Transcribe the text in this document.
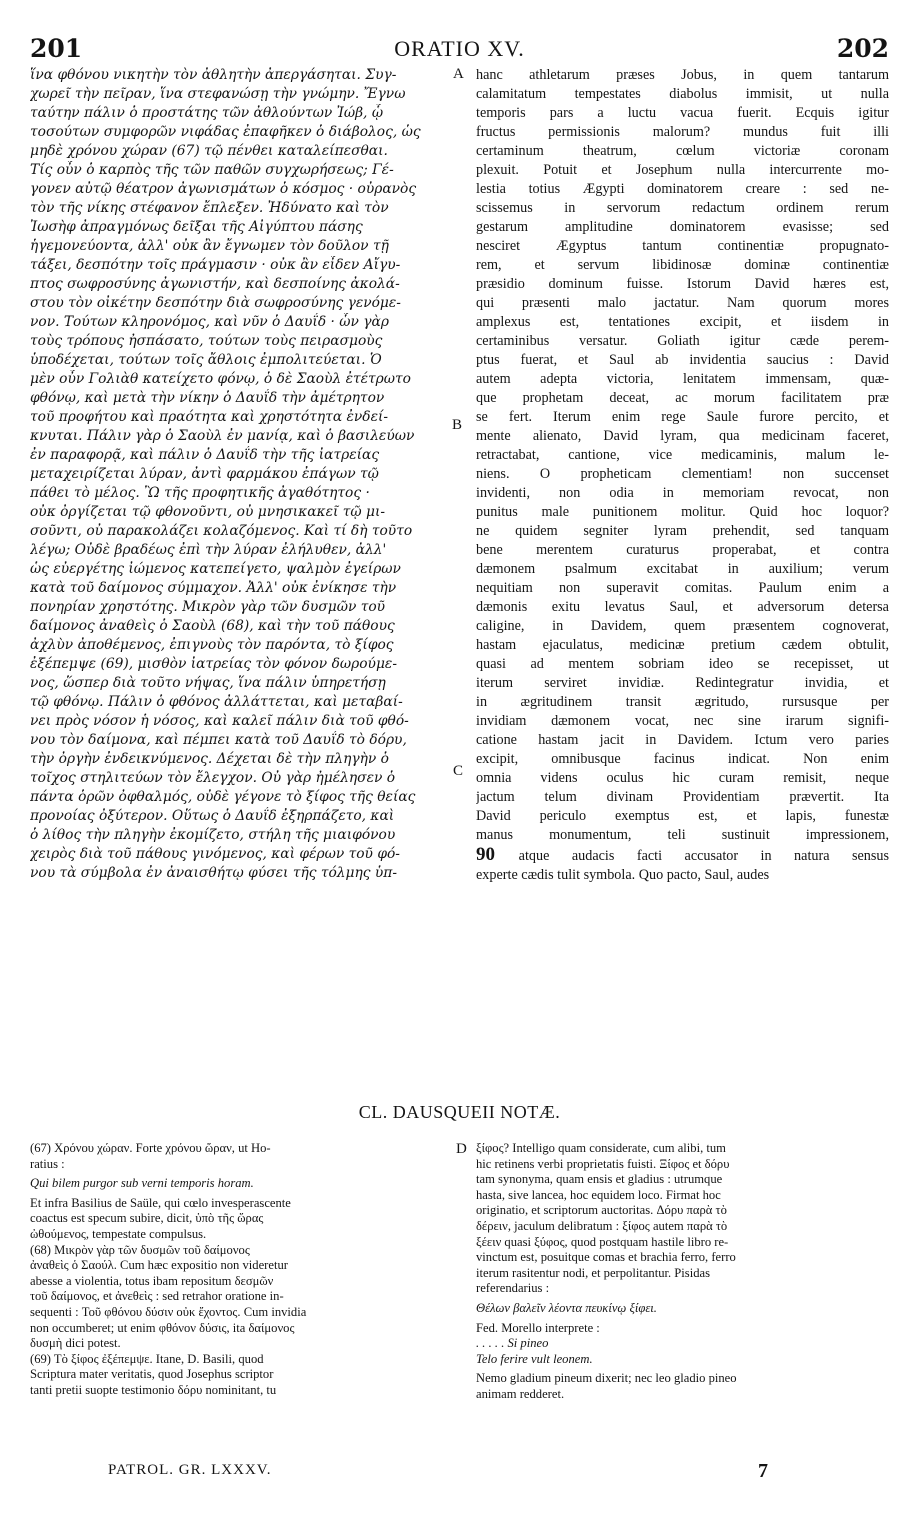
201	ORATIO XV.	202
ἵνα φθόνου νικητὴν τὸν ἀθλητὴν ἀπεργάσηται. Συγ-
χωρεῖ τὴν πεῖραν, ἵνα στεφανώσῃ τὴν γνώμην. Ἔγνω
ταύτην πάλιν ὁ προστάτης τῶν ἀθλούντων Ἰώβ, ᾧ
τοσούτων συμφορῶν νιφάδας ἐπαφῆκεν ὁ διάβολος, ὡς
μηδὲ χρόνου χώραν (67) τῷ πένθει καταλείπεσθαι.
Τίς οὖν ὁ καρπὸς τῆς τῶν παθῶν συγχωρήσεως; Γέ-
γονεν αὐτῷ θέατρον ἀγωνισμάτων ὁ κόσμος · οὐρανὸς
τὸν τῆς νίκης στέφανον ἔπλεξεν. Ἠδύνατο καὶ τὸν
Ἰωσὴφ ἀπραγμόνως δεῖξαι τῆς Αἰγύπτου πάσης
ἡγεμονεύοντα, ἀλλ' οὐκ ἂν ἔγνωμεν τὸν δοῦλον τῇ
τάξει, δεσπότην τοῖς πράγμασιν · οὐκ ἂν εἶδεν Αἴγυ-
πτος σωφροσύνης ἀγωνιστήν, καὶ δεσποίνης ἀκολά-
στου τὸν οἰκέτην δεσπότην διὰ σωφροσύνης γενόμε-
νον. Τούτων κληρονόμος, καὶ νῦν ὁ Δαυΐδ · ὧν γὰρ
τοὺς τρόπους ἠσπάσατο, τούτων τοὺς πειρασμοὺς
ὑποδέχεται, τούτων τοῖς ἄθλοις ἐμπολιτεύεται. Ὁ
μὲν οὖν Γολιὰθ κατείχετο φόνῳ, ὁ δὲ Σαοὺλ ἐτέτρωτο
φθόνῳ, καὶ μετὰ τὴν νίκην ὁ Δαυΐδ τὴν ἀμέτρητον
τοῦ προφήτου καὶ πραότητα καὶ χρηστότητα ἐνδεί-
κνυται. Πάλιν γὰρ ὁ Σαοὺλ ἐν μανίᾳ, καὶ ὁ βασιλεύων
ἐν παραφορᾷ, καὶ πάλιν ὁ Δαυΐδ τὴν τῆς ἰατρείας
μεταχειρίζεται λύραν, ἀντὶ φαρμάκου ἐπάγων τῷ
πάθει τὸ μέλος. Ὢ τῆς προφητικῆς ἀγαθότητος ·
οὐκ ὀργίζεται τῷ φθονοῦντι, οὐ μνησικακεῖ τῷ μι-
σοῦντι, οὐ παρακολάζει κολαζόμενος. Καὶ τί δὴ τοῦτο
λέγω; Οὐδὲ βραδέως ἐπὶ τὴν λύραν ἐλήλυθεν, ἀλλ'
ὡς εὐεργέτης ἰώμενος κατεπείγετο, ψαλμὸν ἐγείρων
κατὰ τοῦ δαίμονος σύμμαχον. Ἀλλ' οὐκ ἐνίκησε τὴν
πονηρίαν χρηστότης. Μικρὸν γὰρ τῶν δυσμῶν τοῦ
δαίμονος ἀναθεὶς ὁ Σαοὺλ (68), καὶ τὴν τοῦ πάθους
ἀχλὺν ἀποθέμενος, ἐπιγνοὺς τὸν παρόντα, τὸ ξίφος
ἐξέπεμψε (69), μισθὸν ἰατρείας τὸν φόνον δωρούμε-
νος, ὥσπερ διὰ τοῦτο νήψας, ἵνα πάλιν ὑπηρετήσῃ
τῷ φθόνῳ. Πάλιν ὁ φθόνος ἀλλάττεται, καὶ μεταβαί-
νει πρὸς νόσον ἡ νόσος, καὶ καλεῖ πάλιν διὰ τοῦ φθό-
νου τὸν δαίμονα, καὶ πέμπει κατὰ τοῦ Δαυΐδ τὸ δόρυ,
τὴν ὀργὴν ἐνδεικνύμενος. Δέχεται δὲ τὴν πληγὴν ὁ
τοῖχος στηλιτεύων τὸν ἔλεγχον. Οὐ γὰρ ἠμέλησεν ὁ
πάντα ὁρῶν ὀφθαλμός, οὐδὲ γέγονε τὸ ξίφος τῆς θείας
προνοίας ὀξύτερον. Οὕτως ὁ Δαυΐδ ἐξηρπάζετο, καὶ
ὁ λίθος τὴν πληγὴν ἐκομίζετο, στήλη τῆς μιαιφόνου
χειρὸς διὰ τοῦ πάθους γινόμενος, καὶ φέρων τοῦ φό-
νου τὰ σύμβολα ἐν ἀναισθήτῳ φύσει τῆς τόλμης ὑπ-
hanc athletarum præses Jobus, in quem tantarum
calamitatum tempestates diabolus immisit, ut nulla
temporis pars a luctu vacua fuerit. Ecquis igitur
fructus permissionis malorum? mundus fuit illi
certaminum theatrum, cœlum victoriæ coronam
plexuit. Potuit et Josephum nulla intercurrente mo-
lestia totius Ægypti dominatorem creare : sed ne-
scissemus in servorum redactum ordinem rerum
gestarum amplitudine dominatorem evasisse; sed
nesciret Ægyptus tantum continentiæ propugnato-
rem, et servum libidinosæ dominæ continentiæ
præsidio dominum fuisse. Istorum David hæres est,
qui præsenti malo jactatur. Nam quorum mores
amplexus est, tentationes excipit, et iisdem in
certaminibus versatur. Goliath igitur cæde perem-
ptus fuerat, et Saul ab invidentia saucius : David
autem adepta victoria, lenitatem immensam, quæ-
que prophetam deceat, ac morum facilitatem præ
se fert. Iterum enim rege Saule furore percito, et
mente alienato, David lyram, qua medicinam faceret,
retractabat, cantione, vice medicaminis, malum le-
niens. O propheticam clementiam! non succenset
invidenti, non odia in memoriam revocat, non
punitus male punitionem molitur. Quid hoc loquor?
ne quidem segniter lyram prehendit, sed tanquam
bene merentem curaturus properabat, et contra
dæmonem psalmum excitabat in auxilium; verum
nequitiam non superavit comitas. Paulum enim a
dæmonis exitu levatus Saul, et adversorum detersa
caligine, in Davidem, quem præsentem cognoverat,
hastam ejaculatus, medicinæ pretium cædem obtulit,
quasi ad mentem sobriam ideo se recepisset, ut
iterum serviret invidiæ. Redintegratur invidia, et
in ægritudinem transit ægritudo, rursusque per
invidiam dæmonem vocat, nec sine irarum signifi-
catione hastam jacit in Davidem. Ictum vero paries
excipit, omnibusque facinus indicat. Non enim
omnia videns oculus hic curam remisit, neque
jactum telum divinam Providentiam prævertit. Ita
David periculo exemptus est, et lapis, funestæ
manus monumentum, teli sustinuit impressionem,
90 atque audacis facti accusator in natura sensus
experte cædis tulit symbola. Quo pacto, Saul, audes
A
B
C
D
CL. DAUSQUEII NOTÆ.
(67) Χρόνου χώραν. Forte χρόνου ὥραν, ut Ho-
ratius :
Qui bilem purgor sub verni temporis horam.
Et infra Basilius de Saüle, qui cœlo invesperascente
coactus est specum subire, dicit, ὑπὸ τῆς ὥρας
ὠθούμενος, tempestate compulsus.
(68) Μικρὸν γὰρ τῶν δυσμῶν τοῦ δαίμονος
ἀναθεὶς ὁ Σαούλ. Cum hæc expositio non videretur
abesse a violentia, totus ibam repositum δεσμῶν
τοῦ δαίμονος, et ἀνεθεὶς : sed retrahor oratione in-
sequenti : Τοῦ φθόνου δύσιν οὐκ ἔχοντος. Cum invidia
non occumberet; ut enim φθόνον δύσις, ita δαίμονος
δυσμὴ dici potest.
(69) Τὸ ξίφος ἐξέπεμψε. Itane, D. Basili, quod
Scriptura mater veritatis, quod Josephus scriptor
tanti pretii suopte testimonio δόρυ nominitant, tu
ξίφος? Intelligo quam considerate, cum alibi, tum
hic retinens verbi proprietatis fuisti. Ξίφος et δόρυ
tam synonyma, quam ensis et gladius : utrumque
hasta, sive lancea, hoc equidem loco. Firmat hoc
originatio, et scriptorum auctoritas. Δόρυ παρὰ τὸ
δέρειν, jaculum delibratum : ξίφος autem παρὰ τὸ
ξέειν quasi ξύφος, quod postquam hastile libro re-
vinctum est, posuitque comas et brachia ferro, ferro
iterum rasitentur nodi, et perpolitantur. Pisidas
referendarius :
Θέλων βαλεῖν λέοντα πευκίνῳ ξίφει.
Fed. Morello interprete :
. . . . . Si pineo
Telo ferire vult leonem.
Nemo gladium pineum dixerit; nec leo gladio pineo
animam redderet.
PATROL. GR. LXXXV.	7
